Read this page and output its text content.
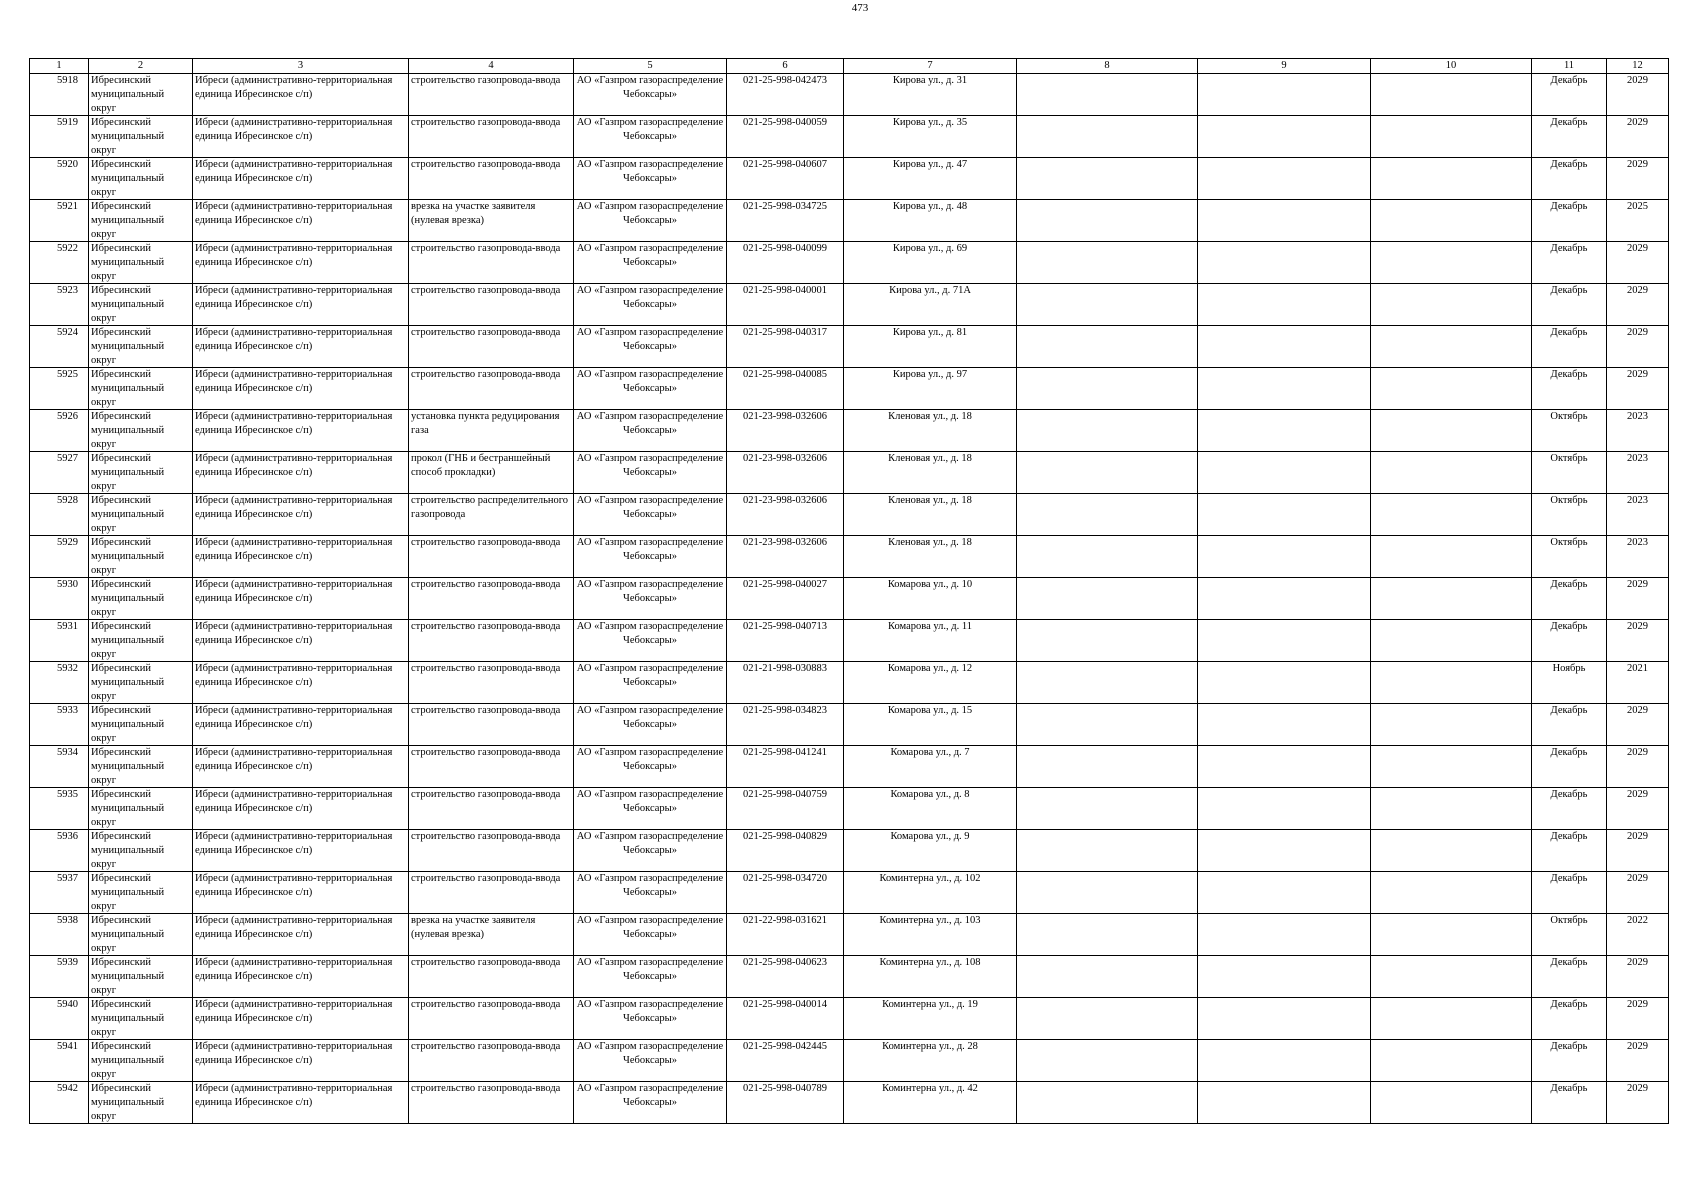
473
1	2	3	4	5	6	7	8	9	10	11	12

5918	Ибресинский муниципальный округ	Ибреси (административно-территориальная единица Ибресинское с/п)	строительство газопровода-ввода	АО «Газпром газораспределение Чебоксары»	021-25-998-042473	Кирова ул., д. 31				Декабрь	2029

5919	Ибресинский муниципальный округ	Ибреси (административно-территориальная единица Ибресинское с/п)	строительство газопровода-ввода	АО «Газпром газораспределение Чебоксары»	021-25-998-040059	Кирова ул., д. 35				Декабрь	2029

5920	Ибресинский муниципальный округ	Ибреси (административно-территориальная единица Ибресинское с/п)	строительство газопровода-ввода	АО «Газпром газораспределение Чебоксары»	021-25-998-040607	Кирова ул., д. 47				Декабрь	2029

5921	Ибресинский муниципальный округ	Ибреси (административно-территориальная единица Ибресинское с/п)	врезка на участке заявителя (нулевая врезка)	АО «Газпром газораспределение Чебоксары»	021-25-998-034725	Кирова ул., д. 48				Декабрь	2025

5922	Ибресинский муниципальный округ	Ибреси (административно-территориальная единица Ибресинское с/п)	строительство газопровода-ввода	АО «Газпром газораспределение Чебоксары»	021-25-998-040099	Кирова ул., д. 69				Декабрь	2029

5923	Ибресинский муниципальный округ	Ибреси (административно-территориальная единица Ибресинское с/п)	строительство газопровода-ввода	АО «Газпром газораспределение Чебоксары»	021-25-998-040001	Кирова ул., д. 71А				Декабрь	2029

5924	Ибресинский муниципальный округ	Ибреси (административно-территориальная единица Ибресинское с/п)	строительство газопровода-ввода	АО «Газпром газораспределение Чебоксары»	021-25-998-040317	Кирова ул., д. 81				Декабрь	2029

5925	Ибресинский муниципальный округ	Ибреси (административно-территориальная единица Ибресинское с/п)	строительство газопровода-ввода	АО «Газпром газораспределение Чебоксары»	021-25-998-040085	Кирова ул., д. 97				Декабрь	2029

5926	Ибресинский муниципальный округ	Ибреси (административно-территориальная единица Ибресинское с/п)	установка пункта редуцирования газа	АО «Газпром газораспределение Чебоксары»	021-23-998-032606	Кленовая ул., д. 18				Октябрь	2023

5927	Ибресинский муниципальный округ	Ибреси (административно-территориальная единица Ибресинское с/п)	прокол (ГНБ и бестраншейный способ прокладки)	АО «Газпром газораспределение Чебоксары»	021-23-998-032606	Кленовая ул., д. 18				Октябрь	2023

5928	Ибресинский муниципальный округ	Ибреси (административно-территориальная единица Ибресинское с/п)	строительство распределительного газопровода	АО «Газпром газораспределение Чебоксары»	021-23-998-032606	Кленовая ул., д. 18				Октябрь	2023

5929	Ибресинский муниципальный округ	Ибреси (административно-территориальная единица Ибресинское с/п)	строительство газопровода-ввода	АО «Газпром газораспределение Чебоксары»	021-23-998-032606	Кленовая ул., д. 18				Октябрь	2023

5930	Ибресинский муниципальный округ	Ибреси (административно-территориальная единица Ибресинское с/п)	строительство газопровода-ввода	АО «Газпром газораспределение Чебоксары»	021-25-998-040027	Комарова ул., д. 10				Декабрь	2029

5931	Ибресинский муниципальный округ	Ибреси (административно-территориальная единица Ибресинское с/п)	строительство газопровода-ввода	АО «Газпром газораспределение Чебоксары»	021-25-998-040713	Комарова ул., д. 11				Декабрь	2029

5932	Ибресинский муниципальный округ	Ибреси (административно-территориальная единица Ибресинское с/п)	строительство газопровода-ввода	АО «Газпром газораспределение Чебоксары»	021-21-998-030883	Комарова ул., д. 12				Ноябрь	2021

5933	Ибресинский муниципальный округ	Ибреси (административно-территориальная единица Ибресинское с/п)	строительство газопровода-ввода	АО «Газпром газораспределение Чебоксары»	021-25-998-034823	Комарова ул., д. 15				Декабрь	2029

5934	Ибресинский муниципальный округ	Ибреси (административно-территориальная единица Ибресинское с/п)	строительство газопровода-ввода	АО «Газпром газораспределение Чебоксары»	021-25-998-041241	Комарова ул., д. 7				Декабрь	2029

5935	Ибресинский муниципальный округ	Ибреси (административно-территориальная единица Ибресинское с/п)	строительство газопровода-ввода	АО «Газпром газораспределение Чебоксары»	021-25-998-040759	Комарова ул., д. 8				Декабрь	2029

5936	Ибресинский муниципальный округ	Ибреси (административно-территориальная единица Ибресинское с/п)	строительство газопровода-ввода	АО «Газпром газораспределение Чебоксары»	021-25-998-040829	Комарова ул., д. 9				Декабрь	2029

5937	Ибресинский муниципальный округ	Ибреси (административно-территориальная единица Ибресинское с/п)	строительство газопровода-ввода	АО «Газпром газораспределение Чебоксары»	021-25-998-034720	Коминтерна ул., д. 102				Декабрь	2029

5938	Ибресинский муниципальный округ	Ибреси (административно-территориальная единица Ибресинское с/п)	врезка на участке заявителя (нулевая врезка)	АО «Газпром газораспределение Чебоксары»	021-22-998-031621	Коминтерна ул., д. 103				Октябрь	2022

5939	Ибресинский муниципальный округ	Ибреси (административно-территориальная единица Ибресинское с/п)	строительство газопровода-ввода	АО «Газпром газораспределение Чебоксары»	021-25-998-040623	Коминтерна ул., д. 108				Декабрь	2029

5940	Ибресинский муниципальный округ	Ибреси (административно-территориальная единица Ибресинское с/п)	строительство газопровода-ввода	АО «Газпром газораспределение Чебоксары»	021-25-998-040014	Коминтерна ул., д. 19				Декабрь	2029

5941	Ибресинский муниципальный округ	Ибреси (административно-территориальная единица Ибресинское с/п)	строительство газопровода-ввода	АО «Газпром газораспределение Чебоксары»	021-25-998-042445	Коминтерна ул., д. 28				Декабрь	2029

5942	Ибресинский муниципальный округ	Ибреси (административно-территориальная единица Ибресинское с/п)	строительство газопровода-ввода	АО «Газпром газораспределение Чебоксары»	021-25-998-040789	Коминтерна ул., д. 42				Декабрь	2029
